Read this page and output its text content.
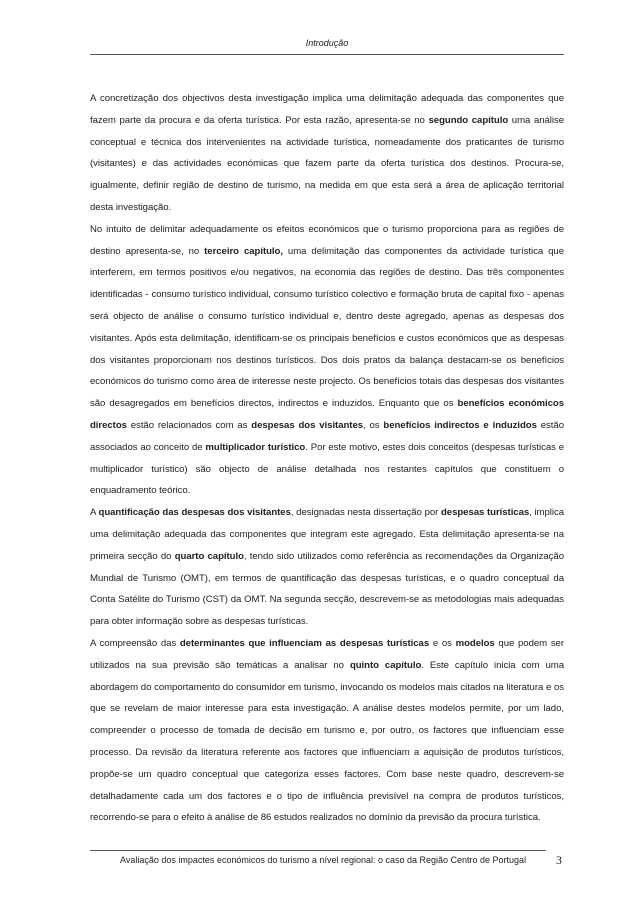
Introdução

A concretização dos objectivos desta investigação implica uma delimitação adequada das componentes que fazem parte da procura e da oferta turística. Por esta razão, apresenta-se no segundo capítulo uma análise conceptual e técnica dos intervenientes na actividade turística, nomeadamente dos praticantes de turismo (visitantes) e das actividades económicas que fazem parte da oferta turística dos destinos. Procura-se, igualmente, definir região de destino de turismo, na medida em que esta será a área de aplicação territorial desta investigação.

No intuito de delimitar adequadamente os efeitos económicos que o turismo proporciona para as regiões de destino apresenta-se, no terceiro capítulo, uma delimitação das componentes da actividade turística que interferem, em termos positivos e/ou negativos, na economia das regiões de destino. Das três componentes identificadas - consumo turístico individual, consumo turístico colectivo e formação bruta de capital fixo - apenas será objecto de análise o consumo turístico individual e, dentro deste agregado, apenas as despesas dos visitantes. Após esta delimitação, identificam-se os principais benefícios e custos económicos que as despesas dos visitantes proporcionam nos destinos turísticos. Dos dois pratos da balança destacam-se os benefícios económicos do turismo como área de interesse neste projecto. Os benefícios totais das despesas dos visitantes são desagregados em benefícios directos, indirectos e induzidos. Enquanto que os benefícios económicos directos estão relacionados com as despesas dos visitantes, os benefícios indirectos e induzidos estão associados ao conceito de multiplicador turístico. Por este motivo, estes dois conceitos (despesas turísticas e multiplicador turístico) são objecto de análise detalhada nos restantes capítulos que constituem o enquadramento teórico.

A quantificação das despesas dos visitantes, designadas nesta dissertação por despesas turísticas, implica uma delimitação adequada das componentes que integram este agregado. Esta delimitação apresenta-se na primeira secção do quarto capítulo, tendo sido utilizados como referência as recomendações da Organização Mundial de Turismo (OMT), em termos de quantificação das despesas turísticas, e o quadro conceptual da Conta Satélite do Turismo (CST) da OMT. Na segunda secção, descrevem-se as metodologias mais adequadas para obter informação sobre as despesas turísticas.

A compreensão das determinantes que influenciam as despesas turísticas e os modelos que podem ser utilizados na sua previsão são temáticas a analisar no quinto capítulo. Este capítulo inicia com uma abordagem do comportamento do consumidor em turismo, invocando os modelos mais citados na literatura e os que se revelam de maior interesse para esta investigação. A análise destes modelos permite, por um lado, compreender o processo de tomada de decisão em turismo e, por outro, os factores que influenciam esse processo. Da revisão da literatura referente aos factores que influenciam a aquisição de produtos turísticos, propõe-se um quadro conceptual que categoriza esses factores. Com base neste quadro, descrevem-se detalhadamente cada um dos factores e o tipo de influência previsível na compra de produtos turísticos, recorrendo-se para o efeito à análise de 86 estudos realizados no domínio da previsão da procura turística.

Avaliação dos impactes económicos do turismo a nível regional: o caso da Região Centro de Portugal 3
